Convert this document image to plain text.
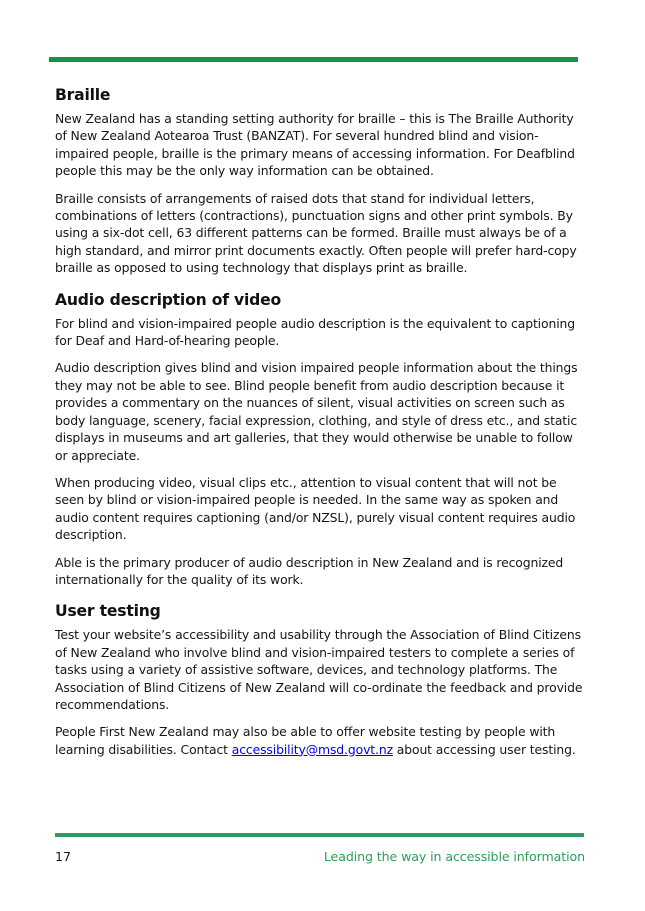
Braille

New Zealand has a standing setting authority for braille – this is The Braille Authority of New Zealand Aotearoa Trust (BANZAT). For several hundred blind and vision- impaired people, braille is the primary means of accessing information. For Deafblind people this may be the only way information can be obtained.

Braille consists of arrangements of raised dots that stand for individual letters, combinations of letters (contractions), punctuation signs and other print symbols. By using a six-dot cell, 63 different patterns can be formed. Braille must always be of a high standard, and mirror print documents exactly. Often people will prefer hard-copy braille as opposed to using technology that displays print as braille.

Audio description of video

For blind and vision-impaired people audio description is the equivalent to captioning for Deaf and Hard-of-hearing people.

Audio description gives blind and vision impaired people information about the things they may not be able to see. Blind people benefit from audio description because it provides a commentary on the nuances of silent, visual activities on screen such as body language, scenery, facial expression, clothing, and style of dress etc., and static displays in museums and art galleries, that they would otherwise be unable to follow or appreciate.

When producing video, visual clips etc., attention to visual content that will not be seen by blind or vision-impaired people is needed. In the same way as spoken and audio content requires captioning (and/or NZSL), purely visual content requires audio description.

Able is the primary producer of audio description in New Zealand and is recognized internationally for the quality of its work.

User testing

Test your website’s accessibility and usability through the Association of Blind Citizens of New Zealand who involve blind and vision-impaired testers to complete a series of tasks using a variety of assistive software, devices, and technology platforms. The Association of Blind Citizens of New Zealand will co-ordinate the feedback and provide recommendations.

People First New Zealand may also be able to offer website testing by people with learning disabilities. Contact accessibility@msd.govt.nz about accessing user testing.

17	Leading the way in accessible information
